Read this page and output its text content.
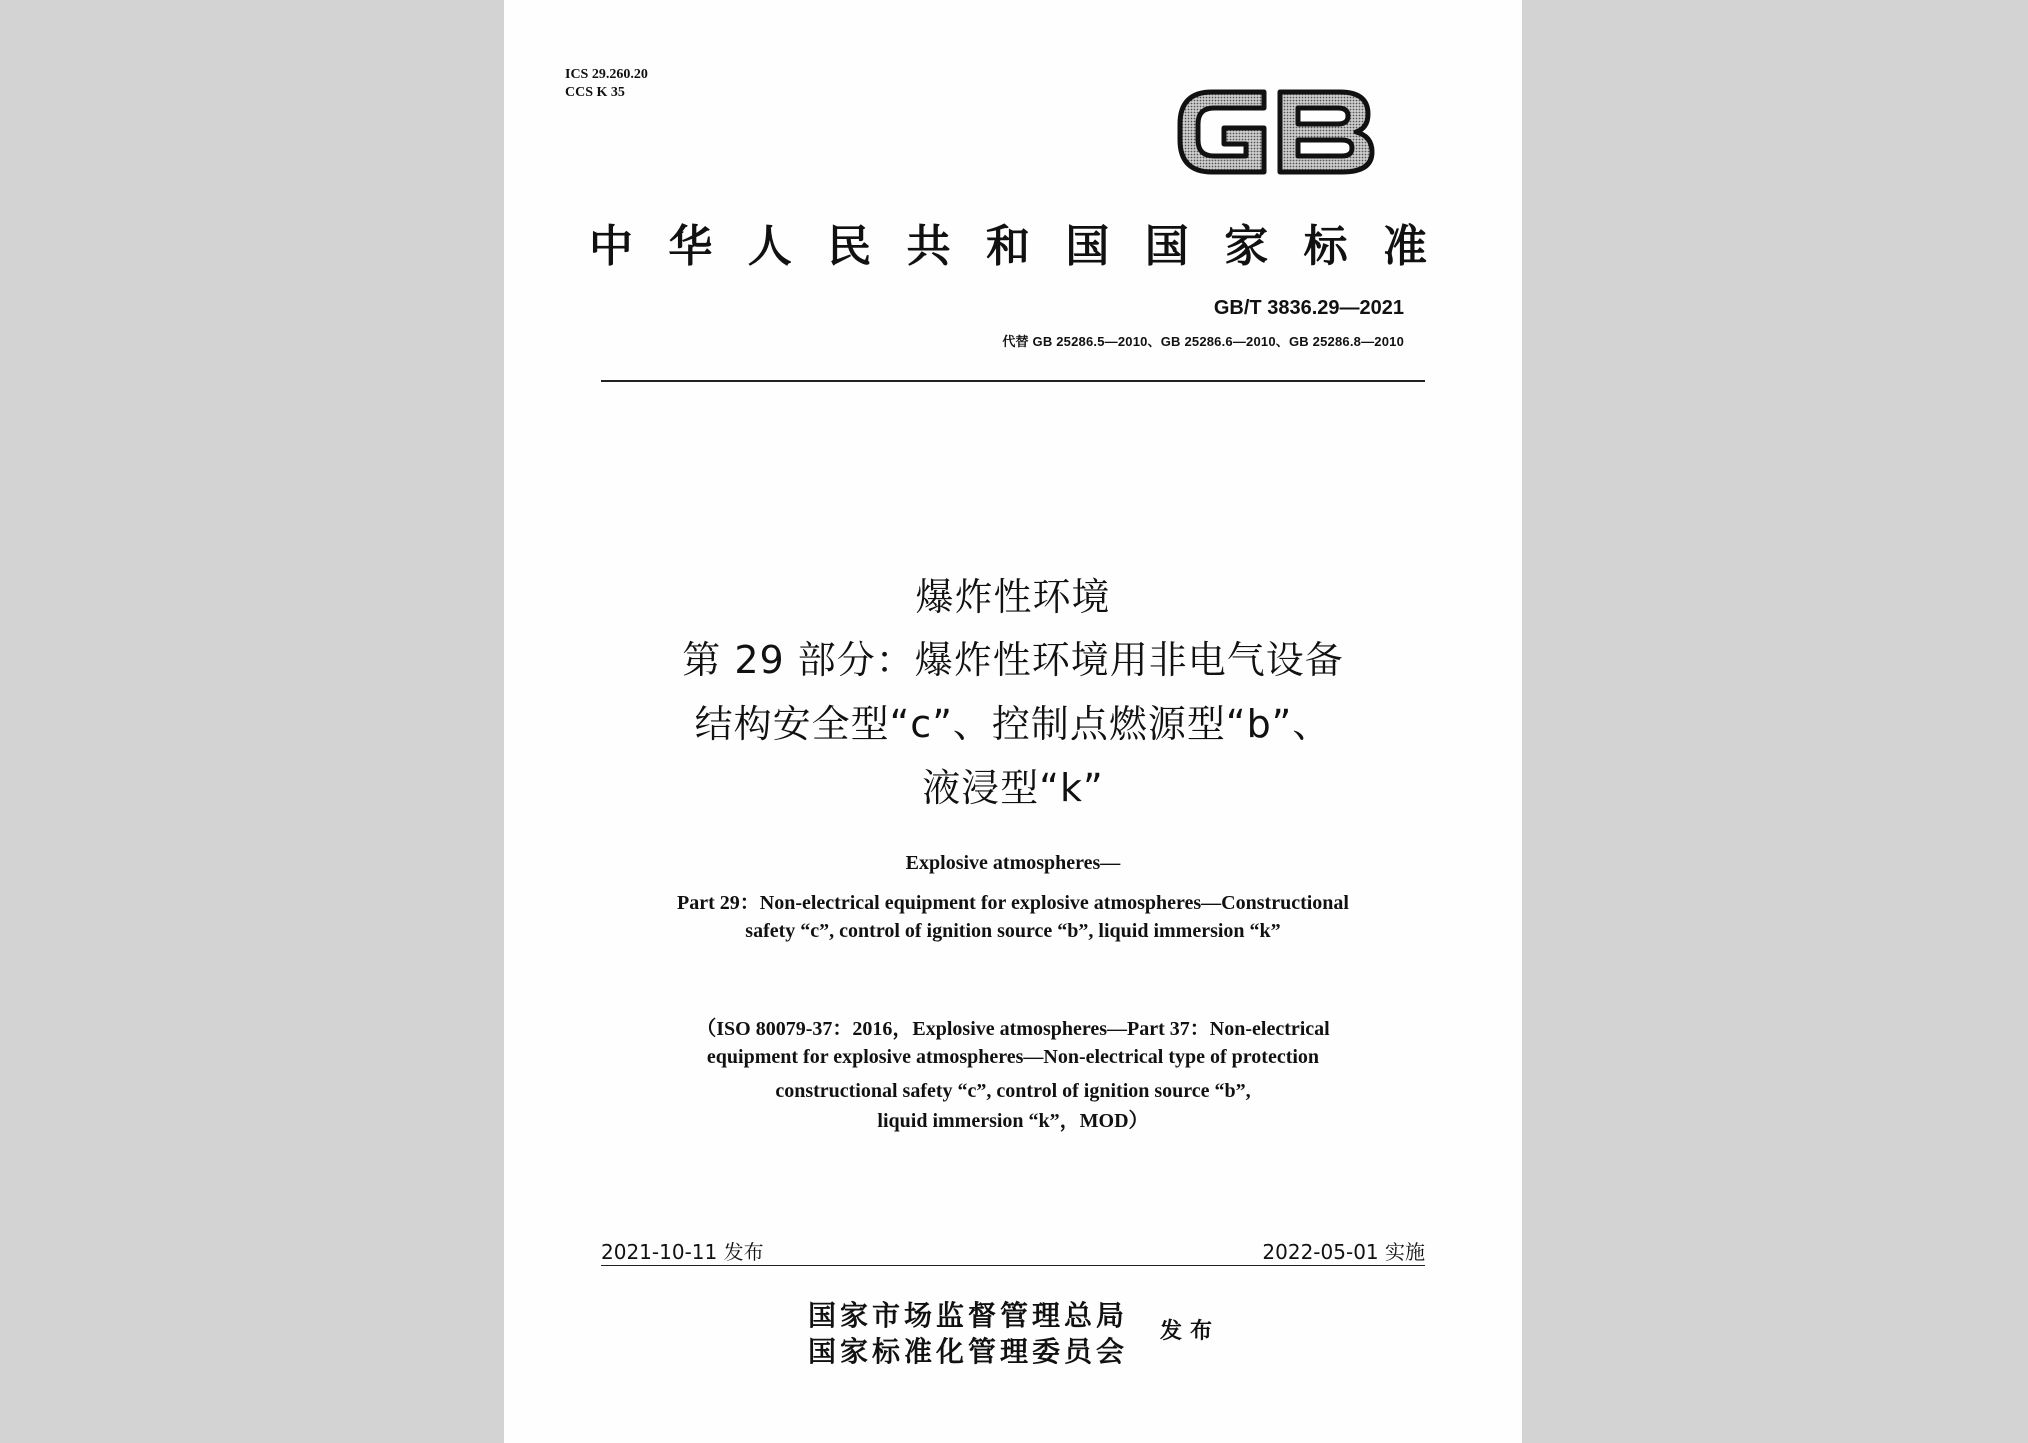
ICS 29.260.20
CCS K 35
中华人民共和国国家标准
GB/T 3836.29—2021
代替 GB 25286.5—2010、GB 25286.6—2010、GB 25286.8—2010
爆炸性环境
第 29 部分：爆炸性环境用非电气设备
结构安全型“c”、控制点燃源型“b”、
液浸型“k”
Explosive atmospheres—
Part 29：Non-electrical equipment for explosive atmospheres—Constructional
safety “c”, control of ignition source “b”, liquid immersion “k”
（ISO 80079-37：2016，Explosive atmospheres—Part 37：Non-electrical
equipment for explosive atmospheres—Non-electrical type of protection
constructional safety “c”, control of ignition source “b”,
liquid immersion “k”，MOD）
2021-10-11 发布	2022-05-01 实施
国家市场监督管理总局
国家标准化管理委员会
发布
